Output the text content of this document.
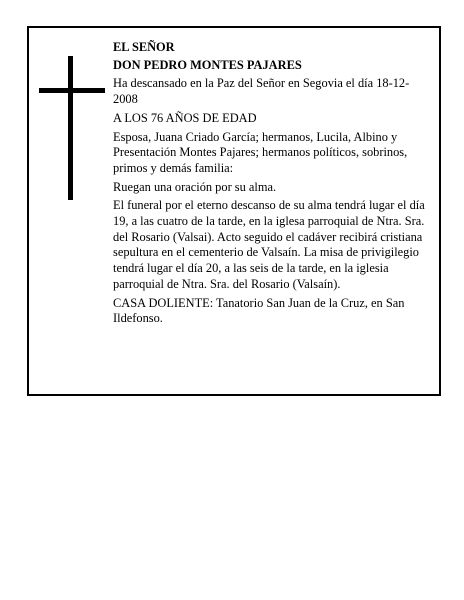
EL SEÑOR

DON PEDRO MONTES PAJARES

Ha descansado en la Paz del Señor en Segovia el día 18-12-2008

A LOS 76 AÑOS DE EDAD

Esposa, Juana Criado García; hermanos, Lucila, Albino y Presentación Montes Pajares; hermanos políticos, sobrinos, primos y demás familia:

Ruegan una oración por su alma.

El funeral por el eterno descanso de su alma tendrá lugar el día 19, a las cuatro de la tarde, en la iglesa parroquial de Ntra. Sra. del Rosario (Valsai). Acto seguido el cadáver recibirá cristiana sepultura en el cementerio de Valsaín. La misa de privigilegio tendrá lugar el día 20, a las seis de la tarde, en la iglesia parroquial de Ntra. Sra. del Rosario (Valsaín).

CASA DOLIENTE: Tanatorio San Juan de la Cruz, en San Ildefonso.
